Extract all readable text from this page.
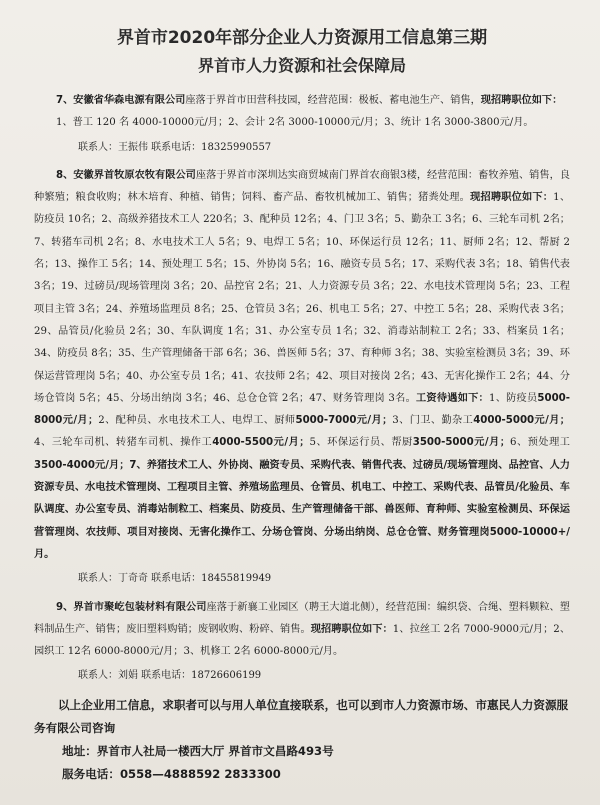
界首市2020年部分企业人力资源用工信息第三期
界首市人力资源和社会保障局

7、安徽省华森电源有限公司座落于界首市田营科技园，经营范围：极板、蓄电池生产、销售，现招聘职位如下：

1、普工 120 名 4000-10000元/月；2、会计 2名 3000-10000元/月；3、统计 1名 3000-3800元/月。

联系人：王振伟 联系电话：18325990557

8、安徽界首牧原农牧有限公司座落于界首市深圳达实商贸城南门界首农商银3楼，经营范围：畜牧养殖、销售，良种繁殖；粮食收购；林木培育、种植、销售；饲料、畜产品、畜牧机械加工、销售；猪粪处理。现招聘职位如下：1、防疫员 10名；2、高级养猪技术工人 220名；3、配种员 12名；4、门卫 3名；5、勤杂工 3名；6、三轮车司机 2名；7、转猪车司机 2名；8、水电技术工人 5名；9、电焊工 5名；10、环保运行员 12名；11、厨师 2名；12、帮厨 2名；13、操作工 5名；14、预处理工 5名；15、外协岗 5名；16、融资专员 5名；17、采购代表 3名；18、销售代表 3名；19、过磅员/现场管理岗 3名；20、品控官 2名；21、人力资源专员 3名；22、水电技术管理岗 5名；23、工程项目主管 3名；24、养殖场监理员 8名；25、仓管员 3名；26、机电工 5名；27、中控工 5名；28、采购代表 3名；29、品管员/化验员 2名；30、车队调度 1名；31、办公室专员 1名；32、消毒站制粒工 2名；33、档案员 1名；34、防疫员 8名；35、生产管理储备干部 6名；36、兽医师 5名；37、育种师 3名；38、实验室检测员 3名；39、环保运营管理岗 5名；40、办公室专员 1名；41、农技师 2名；42、项目对接岗 2名；43、无害化操作工 2名；44、分场仓管岗 5名；45、分场出纳岗 3名；46、总仓仓管 2名；47、财务管理岗 3名。工资待遇如下：1、防疫员5000-8000元/月；2、配种员、水电技术工人、电焊工、厨师5000-7000元/月；3、门卫、勤杂工4000-5000元/月；4、三轮车司机、转猪车司机、操作工4000-5500元/月；5、环保运行员、帮厨3500-5000元/月；6、预处理工3500-4000元/月；7、养猪技术工人、外协岗、融资专员、采购代表、销售代表、过磅员/现场管理岗、品控官、人力资源专员、水电技术管理岗、工程项目主管、养殖场监理员、仓管员、机电工、中控工、采购代表、品管员/化验员、车队调度、办公室专员、消毒站制粒工、档案员、防疫员、生产管理储备干部、兽医师、育种师、实验室检测员、环保运营管理岗、农技师、项目对接岗、无害化操作工、分场仓管岗、分场出纳岗、总仓仓管、财务管理岗5000-10000+/月。

联系人：丁奇奇 联系电话：18455819949

9、界首市聚屹包装材料有限公司座落于新襄工业园区（聘王大道北侧），经营范围：编织袋、合绳、塑料颗粒、塑料制品生产、销售；废旧塑料购销；废钢收购、粉碎、销售。现招聘职位如下：1、拉丝工 2名 7000-9000元/月；2、园织工 12名 6000-8000元/月；3、机修工 2名 6000-8000元/月。

联系人：刘娟 联系电话：18726606199

以上企业用工信息，求职者可以与用人单位直接联系，也可以到市人力资源市场、市惠民人力资源服务有限公司咨询

地址：界首市人社局一楼西大厅 界首市文昌路493号

服务电话：0558—4888592 2833300
